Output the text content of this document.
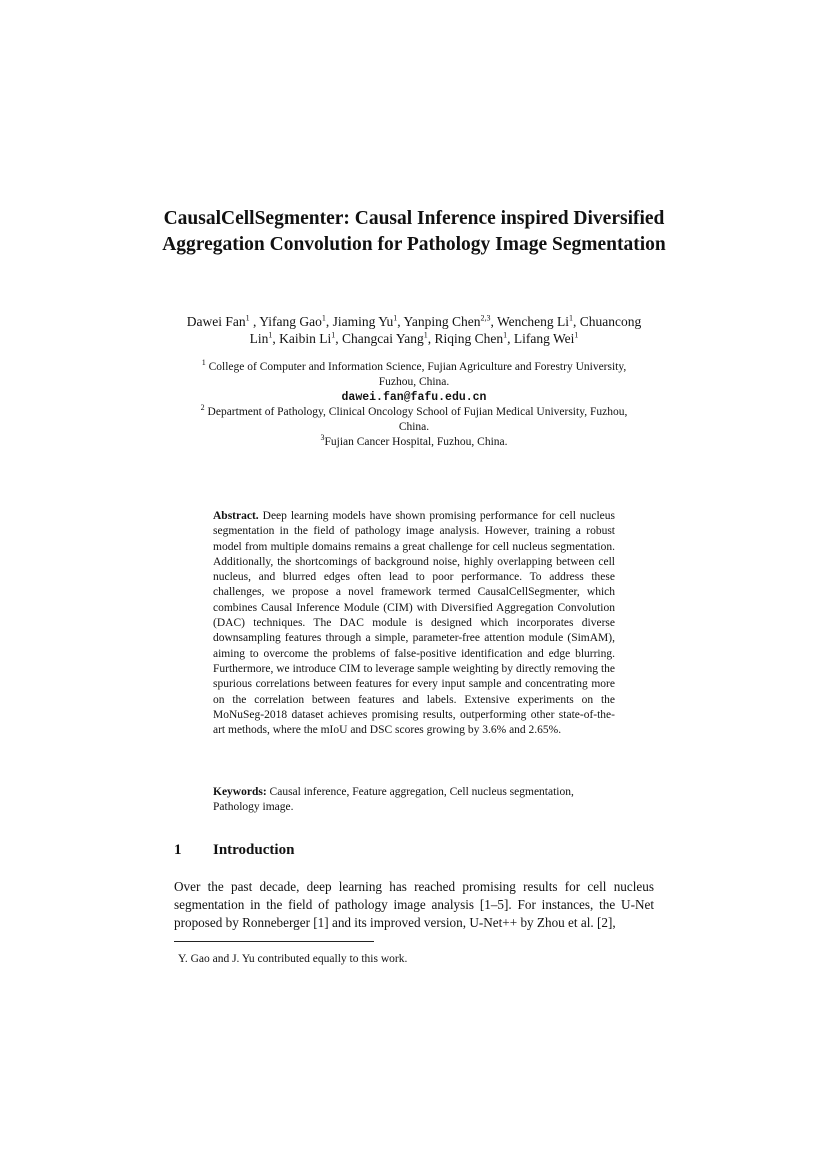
CausalCellSegmenter: Causal Inference inspired Diversified Aggregation Convolution for Pathology Image Segmentation
Dawei Fan$^1$ , Yifang Gao$^1$, Jiaming Yu$^1$, Yanping Chen$^{2,3}$, Wencheng Li$^1$, Chuancong
Lin$^1$, Kaibin Li$^1$, Changcai Yang$^1$, Riqing Chen$^1$, Lifang Wei$^1$
$^1$ College of Computer and Information Science, Fujian Agriculture and Forestry University,
Fuzhou, China.
dawei.fan@fafu.edu.cn
$^2$ Department of Pathology, Clinical Oncology School of Fujian Medical University, Fuzhou,
China.
$^3$Fujian Cancer Hospital, Fuzhou, China.

Abstract. Deep learning models have shown promising performance for cell nucleus segmentation in the field of pathology image analysis. However, training a robust model from multiple domains remains a great challenge for cell nucleus segmentation. Additionally, the shortcomings of background noise, highly overlapping between cell nucleus, and blurred edges often lead to poor performance. To address these challenges, we propose a novel framework termed CausalCellSegmenter, which combines Causal Inference Module (CIM) with Diversified Aggregation Convolution (DAC) techniques. The DAC module is designed which incorporates diverse downsampling features through a simple, parameter-free attention module (SimAM), aiming to overcome the problems of false-positive identification and edge blurring. Furthermore, we introduce CIM to leverage sample weighting by directly removing the spurious correlations between features for every input sample and concentrating more on the correlation between features and labels. Extensive experiments on the MoNuSeg-2018 dataset achieves promising results, outperforming other state-of-the-art methods, where the mIoU and DSC scores growing by 3.6% and 2.65%.

Keywords: Causal inference, Feature aggregation, Cell nucleus segmentation, Pathology image.

1 Introduction

Over the past decade, deep learning has reached promising results for cell nucleus segmentation in the field of pathology image analysis [1–5]. For instances, the U-Net proposed by Ronneberger [1] and its improved version, U-Net++ by Zhou et al. [2],

Y. Gao and J. Yu contributed equally to this work.
